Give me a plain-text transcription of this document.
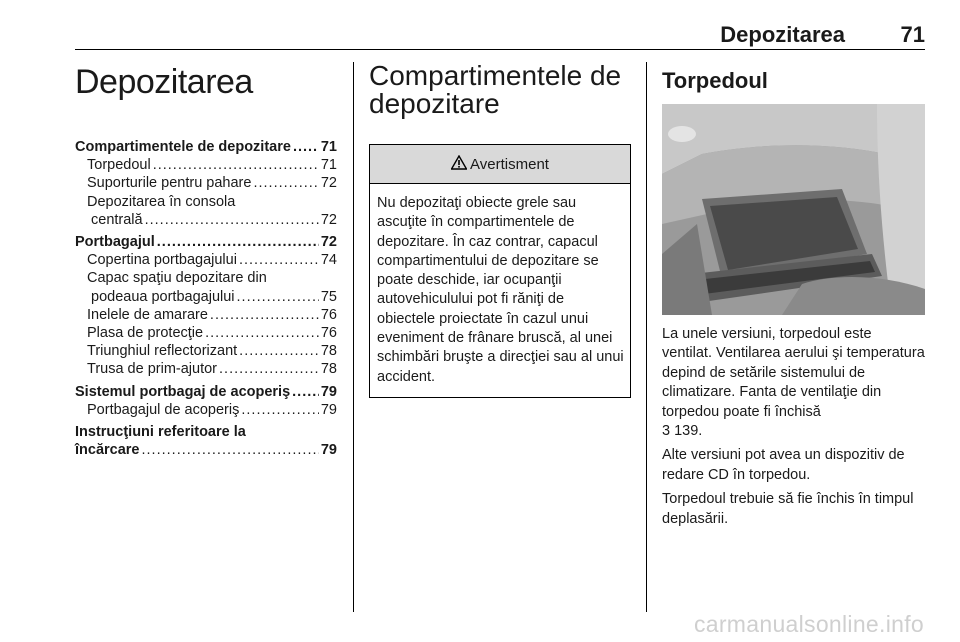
Depozitarea	71
Depozitarea
Compartimentele de depozitare ..... 71
Torpedoul .....	71
Suporturile pentru pahare .....	72
Depozitarea în consola
centrală .....	72
Portbagajul .....	72
Copertina portbagajului .....	74
Capac spaţiu depozitare din
podeaua portbagajului .....	75
Inelele de amarare .....	76
Plasa de protecţie .....	76
Triunghiul reflectorizant .....	78
Trusa de prim-ajutor .....	78
Sistemul portbagaj de acoperiş ..... 79
Portbagajul de acoperiş .....	79
Instrucţiuni referitoare la
încărcare .....	79
Compartimentele de
depozitare
Avertisment
Nu depozitaţi obiecte grele sau ascuţite în compartimentele de depozitare. În caz contrar, capacul compartimentului de depozitare se poate deschide, iar ocupanţii autovehiculului pot fi răniţi de obiectele proiectate în cazul unui eveniment de frânare bruscă, al unei schimbări bruşte a direcţiei sau al unui accident.
Torpedoul

La unele versiuni, torpedoul este ventilat. Ventilarea aerului şi temperatura depind de setările sistemului de climatizare. Fanta de ventilaţie din torpedou poate fi închisă
3 139.

Alte versiuni pot avea un dispozitiv de redare CD în torpedou.

Torpedoul trebuie să fie închis în timpul deplasării.

carmanualsonline.info
